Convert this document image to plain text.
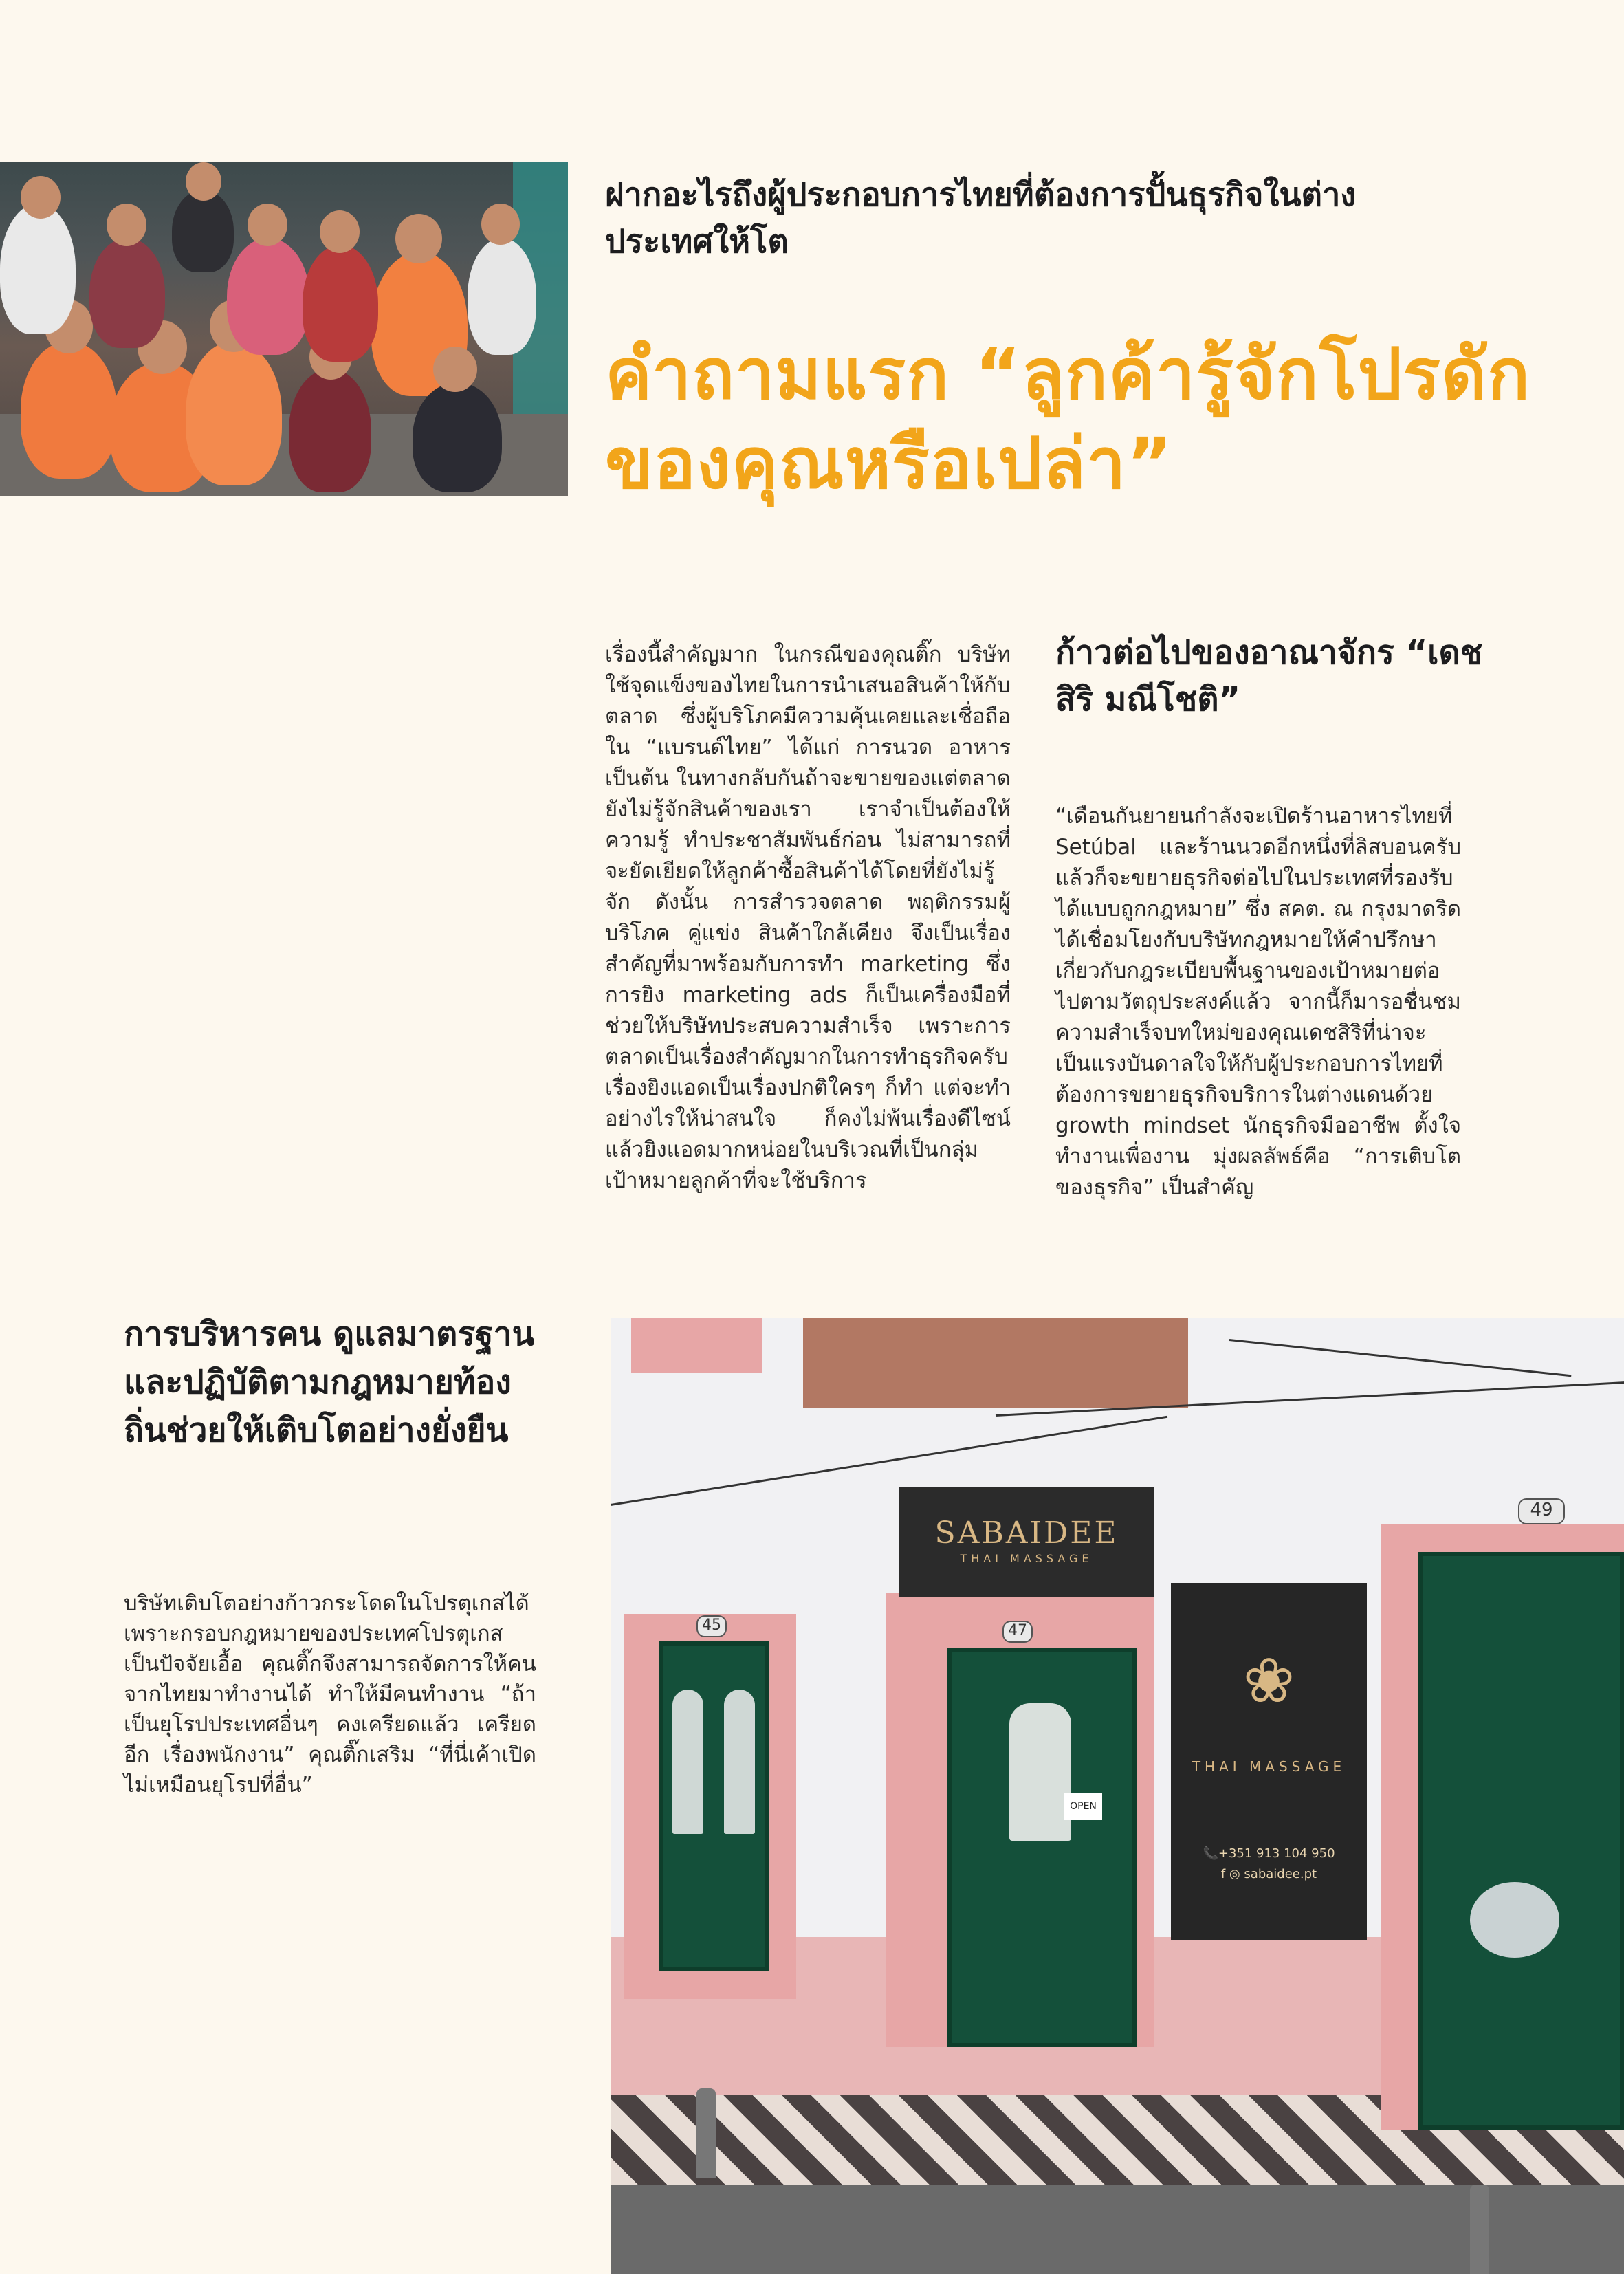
ฝากอะไรถึงผู้ประกอบการไทยที่ต้องการปั้นธุรกิจในต่างประเทศให้โต
คำถามแรก “ลูกค้ารู้จักโปรดักของคุณหรือเปล่า”
เรื่องนี้สำคัญมาก ในกรณีของคุณติ๊ก บริษัทใช้จุดแข็งของไทยในการนำเสนอสินค้าให้กับตลาด ซึ่งผู้บริโภคมีความคุ้นเคยและเชื่อถือใน “แบรนด์ไทย” ได้แก่ การนวด อาหาร เป็นต้น ในทางกลับกันถ้าจะขายของแต่ตลาดยังไม่รู้จักสินค้าของเรา เราจำเป็นต้องให้ความรู้ ทำประชาสัมพันธ์ก่อน ไม่สามารถที่จะยัดเยียดให้ลูกค้าซื้อสินค้าได้โดยที่ยังไม่รู้จัก ดังนั้น การสำรวจตลาด พฤติกรรมผู้บริโภค คู่แข่ง สินค้าใกล้เคียง จึงเป็นเรื่องสำคัญที่มาพร้อมกับการทำ marketing ซึ่งการยิง marketing ads ก็เป็นเครื่องมือที่ช่วยให้บริษัทประสบความสำเร็จ เพราะการตลาดเป็นเรื่องสำคัญมากในการทำธุรกิจครับ เรื่องยิงแอดเป็นเรื่องปกติใครๆ ก็ทำ แต่จะทำอย่างไรให้น่าสนใจ ก็คงไม่พ้นเรื่องดีไซน์ แล้วยิงแอดมากหน่อยในบริเวณที่เป็นกลุ่มเป้าหมายลูกค้าที่จะใช้บริการ
ก้าวต่อไปของอาณาจักร “เดชสิริ มณีโชติ”
“เดือนกันยายนกำลังจะเปิดร้านอาหารไทยที่ Setúbal และร้านนวดอีกหนึ่งที่ลิสบอนครับ แล้วก็จะขยายธุรกิจต่อไปในประเทศที่รองรับได้แบบถูกกฎหมาย” ซึ่ง สคต. ณ กรุงมาดริด ได้เชื่อมโยงกับบริษัทกฎหมายให้คำปรึกษาเกี่ยวกับกฎระเบียบพื้นฐานของเป้าหมายต่อไปตามวัตถุประสงค์แล้ว จากนี้ก็มารอชื่นชมความสำเร็จบทใหม่ของคุณเดชสิริที่น่าจะเป็นแรงบันดาลใจให้กับผู้ประกอบการไทยที่ต้องการขยายธุรกิจบริการในต่างแดนด้วย growth mindset นักธุรกิจมืออาชีพ ตั้งใจทำงานเพื่องาน มุ่งผลลัพธ์คือ “การเติบโตของธุรกิจ” เป็นสำคัญ
การบริหารคน ดูแลมาตรฐาน และปฏิบัติตามกฎหมายท้องถิ่นช่วยให้เติบโตอย่างยั่งยืน
บริษัทเติบโตอย่างก้าวกระโดดในโปรตุเกสได้ เพราะกรอบกฎหมายของประเทศโปรตุเกสเป็นปัจจัยเอื้อ คุณติ๊กจึงสามารถจัดการให้คนจากไทยมาทำงานได้ ทำให้มีคนทำงาน “ถ้าเป็นยุโรปประเทศอื่นๆ คงเครียดแล้ว เครียดอีก เรื่องพนักงาน” คุณติ๊กเสริม “ที่นี่เค้าเปิด ไม่เหมือนยุโรปที่อื่น”
45
OPEN
47
SABAIDEE
THAI MASSAGE
❀
THAI MASSAGE
📞+351 913 104 950
f ◎ sabaidee.pt
49
